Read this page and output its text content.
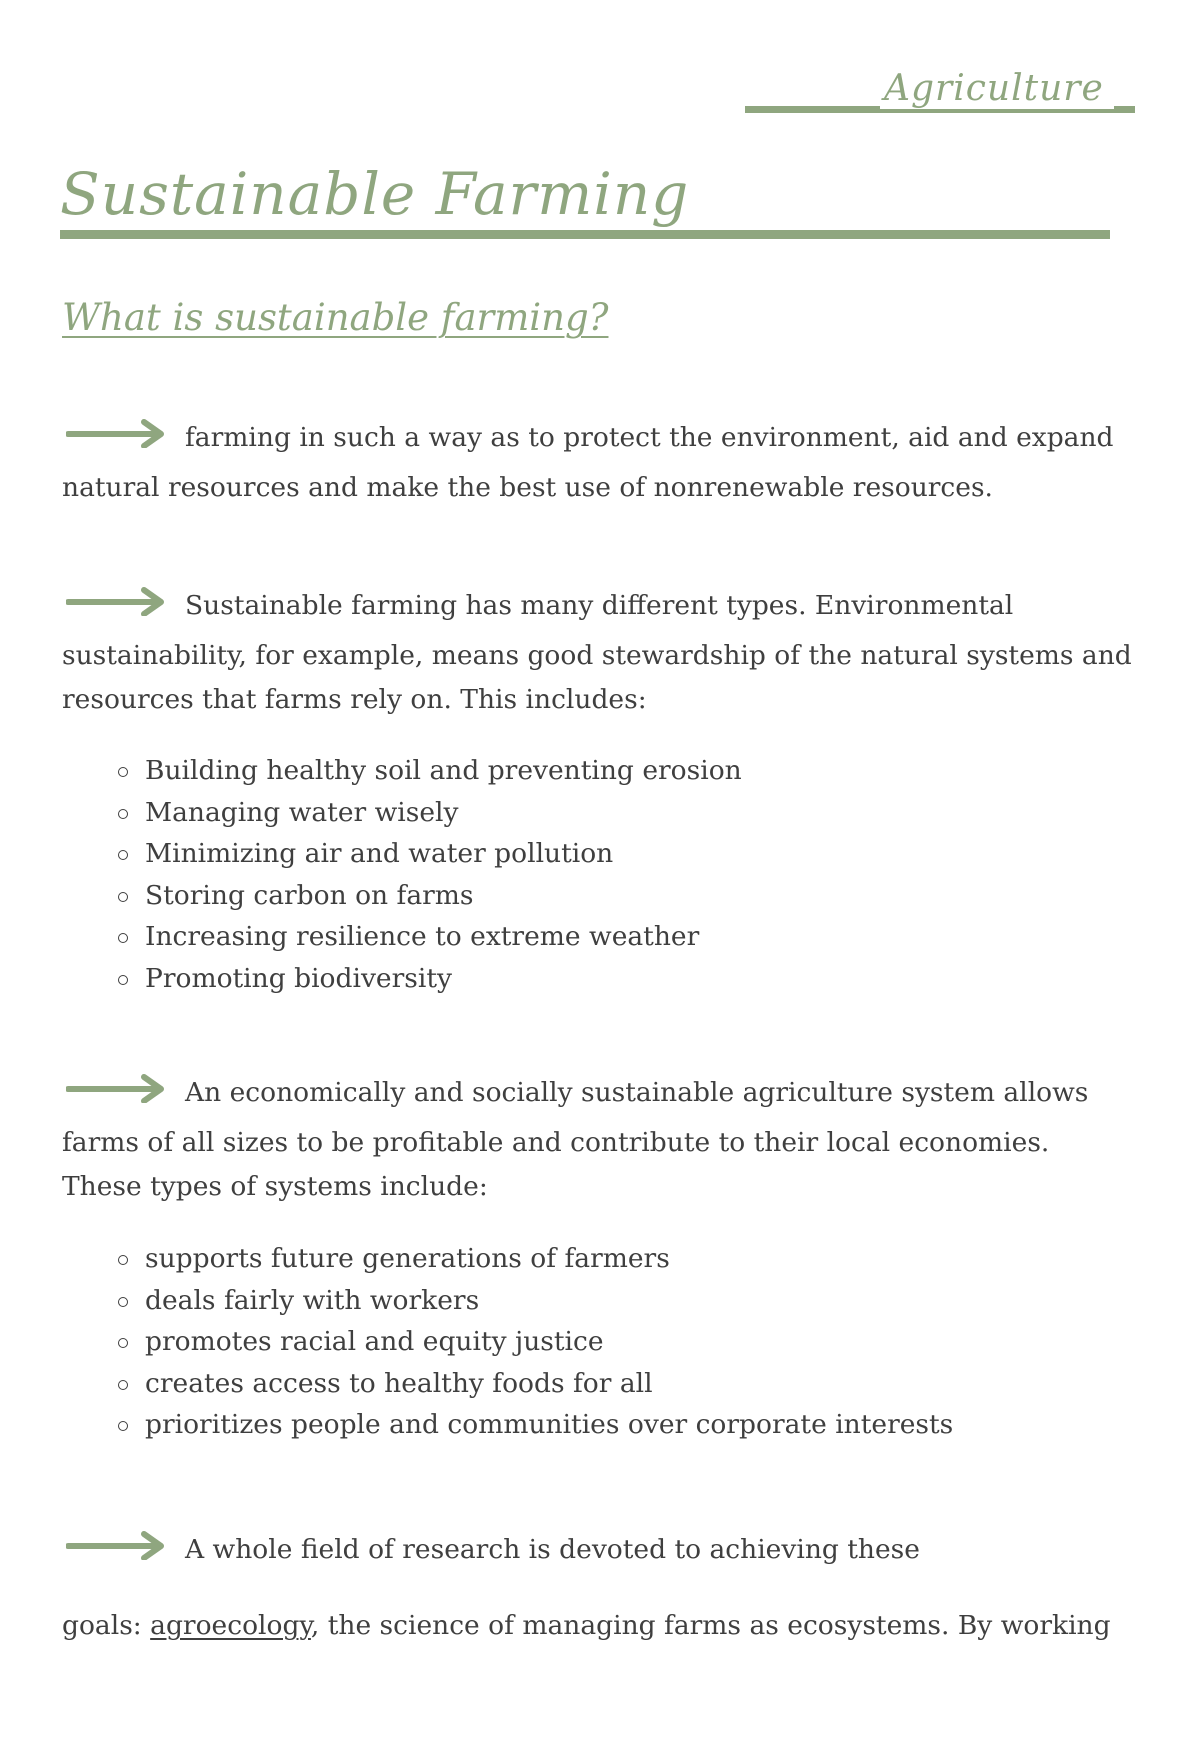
Agriculture
Sustainable Farming
What is sustainable farming?
farming in such a way as to protect the environment, aid and expand
natural resources and make the best use of nonrenewable resources.
Sustainable farming has many different types. Environmental
sustainability, for example, means good stewardship of the natural systems and resources that farms rely on. This includes:
Building healthy soil and preventing erosion
Managing water wisely
Minimizing air and water pollution
Storing carbon on farms
Increasing resilience to extreme weather
Promoting biodiversity
An economically and socially sustainable agriculture system allows
farms of all sizes to be profitable and contribute to their local economies. These types of systems include:
supports future generations of farmers
deals fairly with workers
promotes racial and equity justice
creates access to healthy foods for all
prioritizes people and communities over corporate interests
A whole field of research is devoted to achieving these
goals: agroecology, the science of managing farms as ecosystems. By working
